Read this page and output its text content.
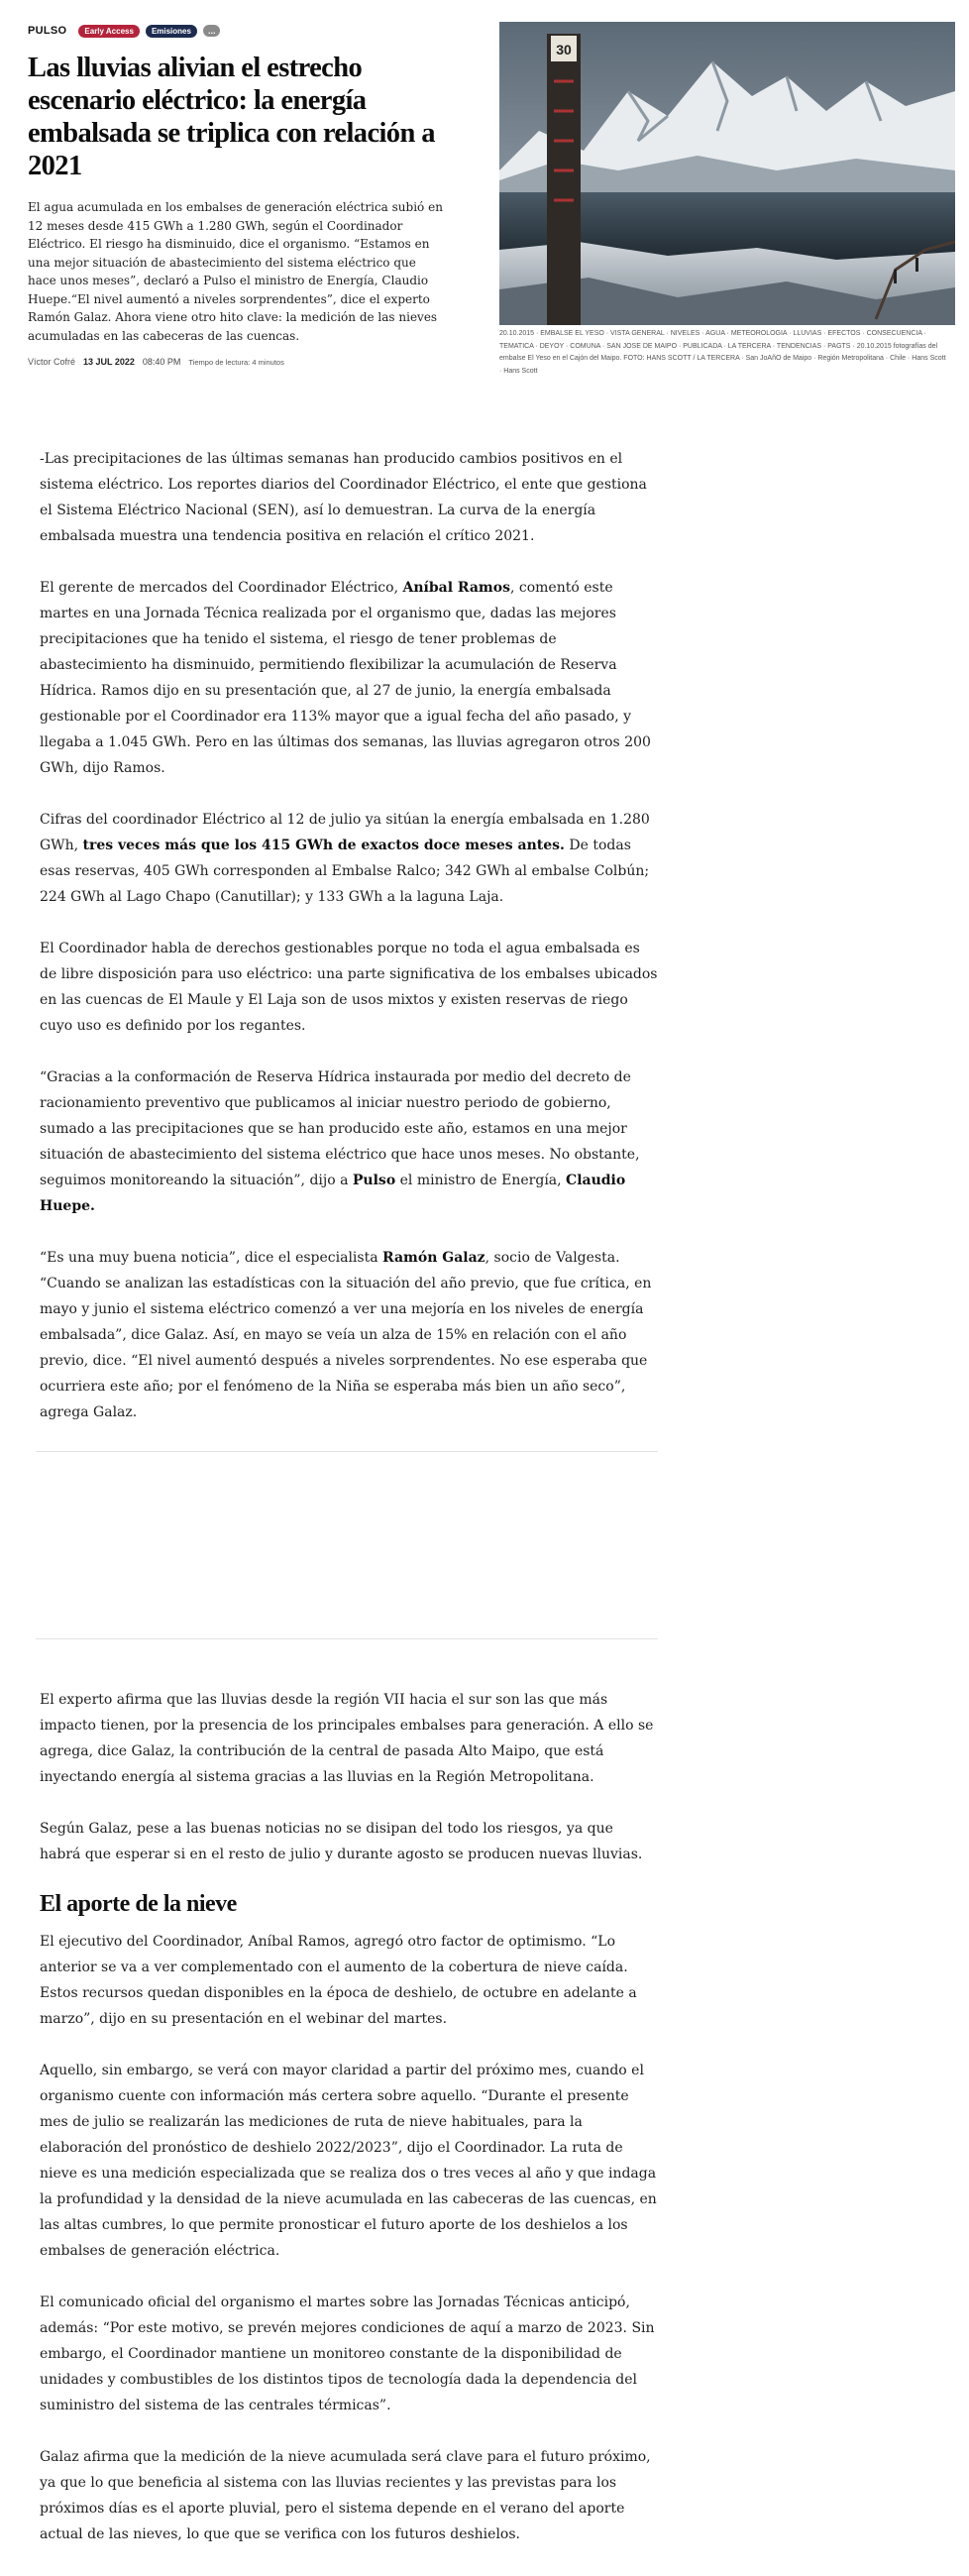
PULSO	Early Access	Emisiones	...
Las lluvias alivian el estrecho escenario eléctrico: la energía embalsada se triplica con relación a 2021

El agua acumulada en los embalses de generación eléctrica subió en 12 meses desde 415 GWh a 1.280 GWh, según el Coordinador Eléctrico. El riesgo ha disminuido, dice el organismo. “Estamos en una mejor situación de abastecimiento del sistema eléctrico que hace unos meses”, declaró a Pulso el ministro de Energía, Claudio Huepe.“El nivel aumentó a niveles sorprendentes”, dice el experto Ramón Galaz. Ahora viene otro hito clave: la medición de las nieves acumuladas en las cabeceras de las cuencas.

Víctor Cofré 13 JUL 2022 08:40 PM Tiempo de lectura: 4 minutos
30

20.10.2015 · EMBALSE EL YESO · VISTA GENERAL · NIVELES · AGUA · METEOROLOGIA · LLUVIAS · EFECTOS · CONSECUENCIA · TEMATICA · DEYOY · COMUNA · SAN JOSE DE MAIPO · PUBLICADA · LA TERCERA · TENDENCIAS · PAGTS · 20.10.2015 fotografías del embalse El Yeso en el Cajón del Maipo. FOTO: HANS SCOTT / LA TERCERA · San JoAñO de Maipo · Región Metropolitana · Chile · Hans Scott · Hans Scott

-Las precipitaciones de las últimas semanas han producido cambios positivos en el sistema eléctrico. Los reportes diarios del Coordinador Eléctrico, el ente que gestiona el Sistema Eléctrico Nacional (SEN), así lo demuestran. La curva de la energía embalsada muestra una tendencia positiva en relación el crítico 2021.

El gerente de mercados del Coordinador Eléctrico, Aníbal Ramos, comentó este martes en una Jornada Técnica realizada por el organismo que, dadas las mejores precipitaciones que ha tenido el sistema, el riesgo de tener problemas de abastecimiento ha disminuido, permitiendo flexibilizar la acumulación de Reserva Hídrica. Ramos dijo en su presentación que, al 27 de junio, la energía embalsada gestionable por el Coordinador era 113% mayor que a igual fecha del año pasado, y llegaba a 1.045 GWh. Pero en las últimas dos semanas, las lluvias agregaron otros 200 GWh, dijo Ramos.

Cifras del coordinador Eléctrico al 12 de julio ya sitúan la energía embalsada en 1.280 GWh, tres veces más que los 415 GWh de exactos doce meses antes. De todas esas reservas, 405 GWh corresponden al Embalse Ralco; 342 GWh al embalse Colbún; 224 GWh al Lago Chapo (Canutillar); y 133 GWh a la laguna Laja.

El Coordinador habla de derechos gestionables porque no toda el agua embalsada es de libre disposición para uso eléctrico: una parte significativa de los embalses ubicados en las cuencas de El Maule y El Laja son de usos mixtos y existen reservas de riego cuyo uso es definido por los regantes.

“Gracias a la conformación de Reserva Hídrica instaurada por medio del decreto de racionamiento preventivo que publicamos al iniciar nuestro periodo de gobierno, sumado a las precipitaciones que se han producido este año, estamos en una mejor situación de abastecimiento del sistema eléctrico que hace unos meses. No obstante, seguimos monitoreando la situación”, dijo a Pulso el ministro de Energía, Claudio Huepe.

“Es una muy buena noticia”, dice el especialista Ramón Galaz, socio de Valgesta. “Cuando se analizan las estadísticas con la situación del año previo, que fue crítica, en mayo y junio el sistema eléctrico comenzó a ver una mejoría en los niveles de energía embalsada”, dice Galaz. Así, en mayo se veía un alza de 15% en relación con el año previo, dice. “El nivel aumentó después a niveles sorprendentes. No ese esperaba que ocurriera este año; por el fenómeno de la Niña se esperaba más bien un año seco”, agrega Galaz.

El experto afirma que las lluvias desde la región VII hacia el sur son las que más impacto tienen, por la presencia de los principales embalses para generación. A ello se agrega, dice Galaz, la contribución de la central de pasada Alto Maipo, que está inyectando energía al sistema gracias a las lluvias en la Región Metropolitana.

Según Galaz, pese a las buenas noticias no se disipan del todo los riesgos, ya que habrá que esperar si en el resto de julio y durante agosto se producen nuevas lluvias.

El aporte de la nieve

El ejecutivo del Coordinador, Aníbal Ramos, agregó otro factor de optimismo. “Lo anterior se va a ver complementado con el aumento de la cobertura de nieve caída. Estos recursos quedan disponibles en la época de deshielo, de octubre en adelante a marzo”, dijo en su presentación en el webinar del martes.

Aquello, sin embargo, se verá con mayor claridad a partir del próximo mes, cuando el organismo cuente con información más certera sobre aquello. “Durante el presente mes de julio se realizarán las mediciones de ruta de nieve habituales, para la elaboración del pronóstico de deshielo 2022/2023”, dijo el Coordinador. La ruta de nieve es una medición especializada que se realiza dos o tres veces al año y que indaga la profundidad y la densidad de la nieve acumulada en las cabeceras de las cuencas, en las altas cumbres, lo que permite pronosticar el futuro aporte de los deshielos a los embalses de generación eléctrica.

El comunicado oficial del organismo el martes sobre las Jornadas Técnicas anticipó, además: “Por este motivo, se prevén mejores condiciones de aquí a marzo de 2023. Sin embargo, el Coordinador mantiene un monitoreo constante de la disponibilidad de unidades y combustibles de los distintos tipos de tecnología dada la dependencia del suministro del sistema de las centrales térmicas”.

Galaz afirma que la medición de la nieve acumulada será clave para el futuro próximo, ya que lo que beneficia al sistema con las lluvias recientes y las previstas para los próximos días es el aporte pluvial, pero el sistema depende en el verano del aporte actual de las nieves, lo que que se verifica con los futuros deshielos.
